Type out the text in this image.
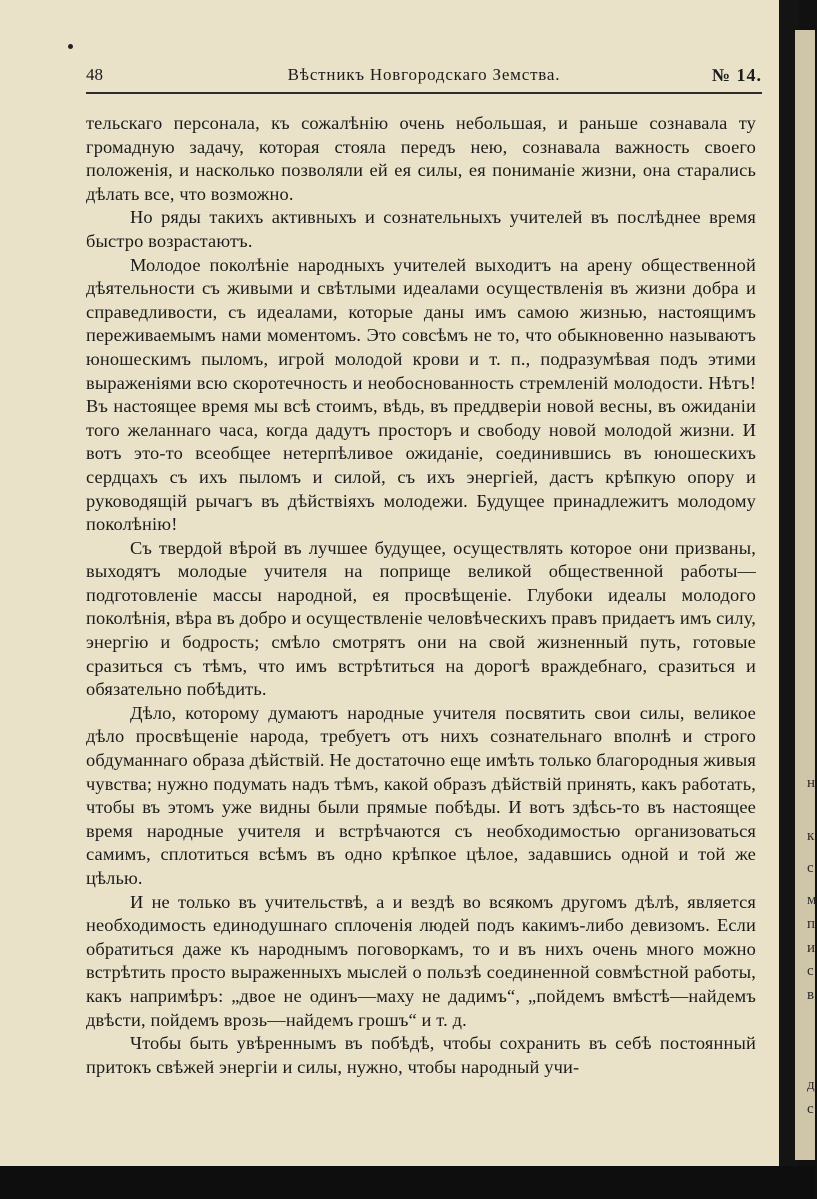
48	Вѣстникъ Новгородскаго Земства.	№ 14.

тельскаго персонала, къ сожалѣнію очень небольшая, и раньше сознавала ту громадную задачу, которая стояла передъ нею, сознавала важность своего положенія, и насколько позволяли ей ея силы, ея пониманіе жизни, она старались дѣлать все, что возможно.

Но ряды такихъ активныхъ и сознательныхъ учителей въ послѣднее время быстро возрастаютъ.

Молодое поколѣніе народныхъ учителей выходитъ на арену общественной дѣятельности съ живыми и свѣтлыми идеалами осуществленія въ жизни добра и справедливости, съ идеалами, которые даны имъ самою жизнью, настоящимъ переживаемымъ нами моментомъ. Это совсѣмъ не то, что обыкновенно называютъ юношескимъ пыломъ, игрой молодой крови и т. п., подразумѣвая подъ этими выраженіями всю скоротечность и необоснованность стремленій молодости. Нѣтъ! Въ настоящее время мы всѣ стоимъ, вѣдь, въ преддверіи новой весны, въ ожиданіи того желаннаго часа, когда дадутъ просторъ и свободу новой молодой жизни. И вотъ это-то всеобщее нетерпѣливое ожиданіе, соединившись въ юношескихъ сердцахъ съ ихъ пыломъ и силой, съ ихъ энергіей, дастъ крѣпкую опору и руководящій рычагъ въ дѣйствіяхъ молодежи. Будущее принадлежитъ молодому поколѣнію!

Съ твердой вѣрой въ лучшее будущее, осуществлять которое они призваны, выходятъ молодые учителя на поприще великой общественной работы—подготовленіе массы народной, ея просвѣщеніе. Глубоки идеалы молодого поколѣнія, вѣра въ добро и осуществленіе человѣческихъ правъ придаетъ имъ силу, энергію и бодрость; смѣло смотрятъ они на свой жизненный путь, готовые сразиться съ тѣмъ, что имъ встрѣтиться на дорогѣ враждебнаго, сразиться и обязательно побѣдить.

Дѣло, которому думаютъ народные учителя посвятить свои силы, великое дѣло просвѣщеніе народа, требуетъ отъ нихъ сознательнаго вполнѣ и строго обдуманнаго образа дѣйствій. Не достаточно еще имѣть только благородныя живыя чувства; нужно подумать надъ тѣмъ, какой образъ дѣйствій принять, какъ работать, чтобы въ этомъ уже видны были прямые побѣды. И вотъ здѣсь-то въ настоящее время народные учителя и встрѣчаются съ необходимостью организоваться самимъ, сплотиться всѣмъ въ одно крѣпкое цѣлое, задавшись одной и той же цѣлью.

И не только въ учительствѣ, а и вездѣ во всякомъ другомъ дѣлѣ, является необходимость единодушнаго сплоченія людей подъ какимъ-либо девизомъ. Если обратиться даже къ народнымъ поговоркамъ, то и въ нихъ очень много можно встрѣтить просто выраженныхъ мыслей о пользѣ соединенной совмѣстной работы, какъ напримѣръ: „двое не одинъ—маху не дадимъ“, „пойдемъ вмѣстѣ—найдемъ двѣсти, пойдемъ врозь—найдемъ грошъ“ и т. д.

Чтобы быть увѣреннымъ въ побѣдѣ, чтобы сохранить въ себѣ постоянный притокъ свѣжей энергіи и силы, нужно, чтобы народный учи-

н
к
с
м
п
и
с
в
д
с
